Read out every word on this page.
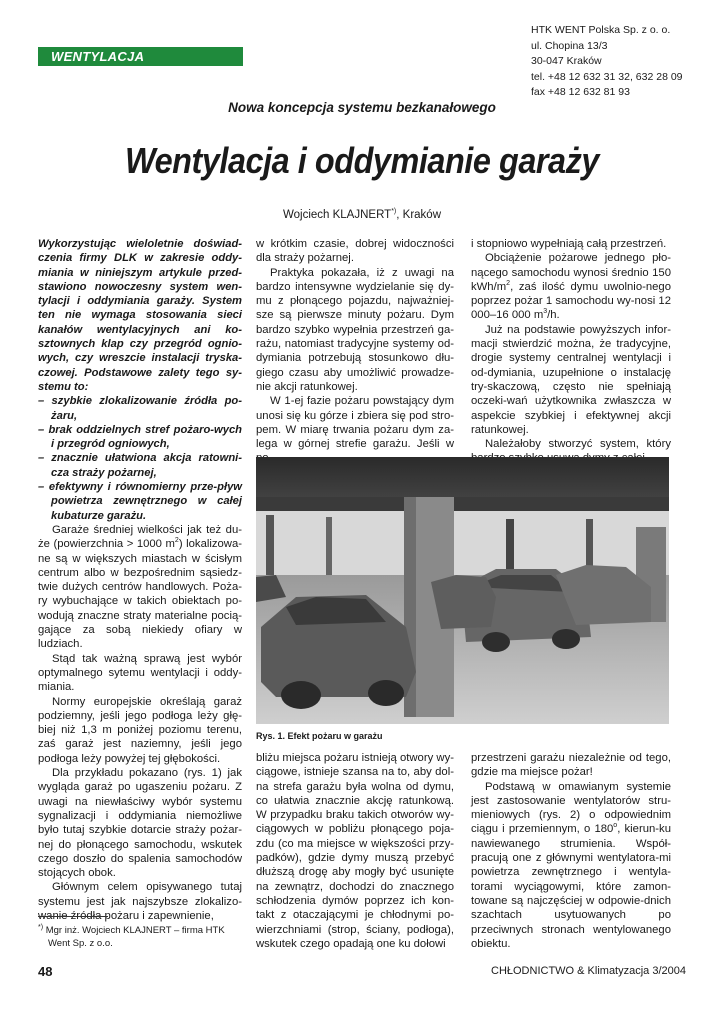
WENTYLACJA
HTK WENT Polska Sp. z o. o.
ul. Chopina 13/3
30-047 Kraków
tel. +48 12 632 31 32, 632 28 09
fax +48 12 632 81 93
Nowa koncepcja systemu bezkanałowego
Wentylacja i oddymianie garaży
Wojciech KLAJNERT*), Kraków

Wykorzystując wieloletnie doświad-czenia firmy DLK w zakresie oddy-miania w niniejszym artykule przed-stawiono nowoczesny system wen-tylacji i oddymiania garaży. System ten nie wymaga stosowania sieci kanałów wentylacyjnych ani ko-sztownych klap czy przegród ognio-wych, czy wreszcie instalacji tryska-czowej. Podstawowe zalety tego sy-stemu to:

– szybkie zlokalizowanie źródła po-żaru,
– brak oddzielnych stref pożaro-wych i przegród ogniowych,
– znacznie ułatwiona akcja ratowni-cza straży pożarnej,
– efektywny i równomierny prze-pływ powietrza zewnętrznego w całej kubaturze garażu.

Garaże średniej wielkości jak też du-że (powierzchnia > 1000 $m^2$) lokalizowa-ne są w większych miastach w ścisłym centrum albo w bezpośrednim sąsiedz-twie dużych centrów handlowych. Poża-ry wybuchające w takich obiektach po-wodują znaczne straty materialne pocią-gające za sobą niekiedy ofiary w ludziach.

Stąd tak ważną sprawą jest wybór optymalnego sytemu wentylacji i oddy-miania.

Normy europejskie określają garaż podziemny, jeśli jego podłoga leży głę-biej niż 1,3 m poniżej poziomu terenu, zaś garaż jest naziemny, jeśli jego podłoga leży powyżej tej głębokości.

Dla przykładu pokazano (rys. 1) jak wygląda garaż po ugaszeniu pożaru. Z uwagi na niewłaściwy wybór systemu sygnalizacji i oddymiania niemożliwe było tutaj szybkie dotarcie straży pożar-nej do płonącego samochodu, wskutek czego doszło do spalenia samochodów stojących obok.

Głównym celem opisywanego tutaj systemu jest jak najszybsze zlokalizo-wanie źródła pożaru i zapewnienie,

w krótkim czasie, dobrej widoczności dla straży pożarnej.

Praktyka pokazała, iż z uwagi na bardzo intensywne wydzielanie się dy-mu z płonącego pojazdu, najważniej-sze są pierwsze minuty pożaru. Dym bardzo szybko wypełnia przestrzeń ga-rażu, natomiast tradycyjne systemy od-dymiania potrzebują stosunkowo dłu-giego czasu aby umożliwić prowadze-nie akcji ratunkowej.

W 1-ej fazie pożaru powstający dym unosi się ku górze i zbiera się pod stro-pem. W miarę trwania pożaru dym za-lega w górnej strefie garażu. Jeśli w

i stopniowo wypełniają całą przestrzeń.

Obciążenie pożarowe jednego pło-nącego samochodu wynosi średnio 150 kWh/$m^2$, zaś ilość dymu uwolnio-nego poprzez pożar 1 samochodu wy-nosi 12 000–16 000 $m^3/h$.

Już na podstawie powyższych infor-macji stwierdzić można, że tradycyjne, drogie systemy centralnej wentylacji i od-dymiania, uzupełnione o instalację try-skaczową, często nie spełniają oczeki-wań użytkownika zwłaszcza w aspekcie szybkiej i efektywnej akcji ratunkowej.

Należałoby stworzyć system, który

Rys. 1. Efekt pożaru w garażu

przestrzeni garażu niezależnie od tego, gdzie ma miejsce pożar!

Podstawą w omawianym systemie jest zastosowanie wentylatorów stru-mieniowych (rys. 2) o odpowiednim ciągu i przemiennym, o 180$^o$, kierun-ku nawiewanego strumienia. Współ-pracują one z głównymi wentylatora-mi powietrza zewnętrznego i wentyla-torami wyciągowymi, które zamon-towane są najczęściej w odpowie-dnich szachtach usytuowanych po przeciwnych stronach wentylowanego obiektu.

bliżu miejsca pożaru istnieją otwory wy-ciągowe, istnieje szansa na to, aby dol-na strefa garażu była wolna od dymu, co ułatwia znacznie akcję ratunkową. W przypadku braku takich otworów wy-ciągowych w pobliżu płonącego poja-zdu (co ma miejsce w większości przy-padków), gdzie dymy muszą przebyć dłuższą drogę aby mogły być usunięte na zewnątrz, dochodzi do znacznego schłodzenia dymów poprzez ich kon-takt z otaczającymi je chłodnymi po-wierzchniami (strop, ściany, podłoga), wskutek czego opadają one ku dołowi

*) Mgr inż. Wojciech KLAJNERT – firma HTK
Went Sp. z o.o.
48	CHŁODNICTWO & Klimatyzacja 3/2004
